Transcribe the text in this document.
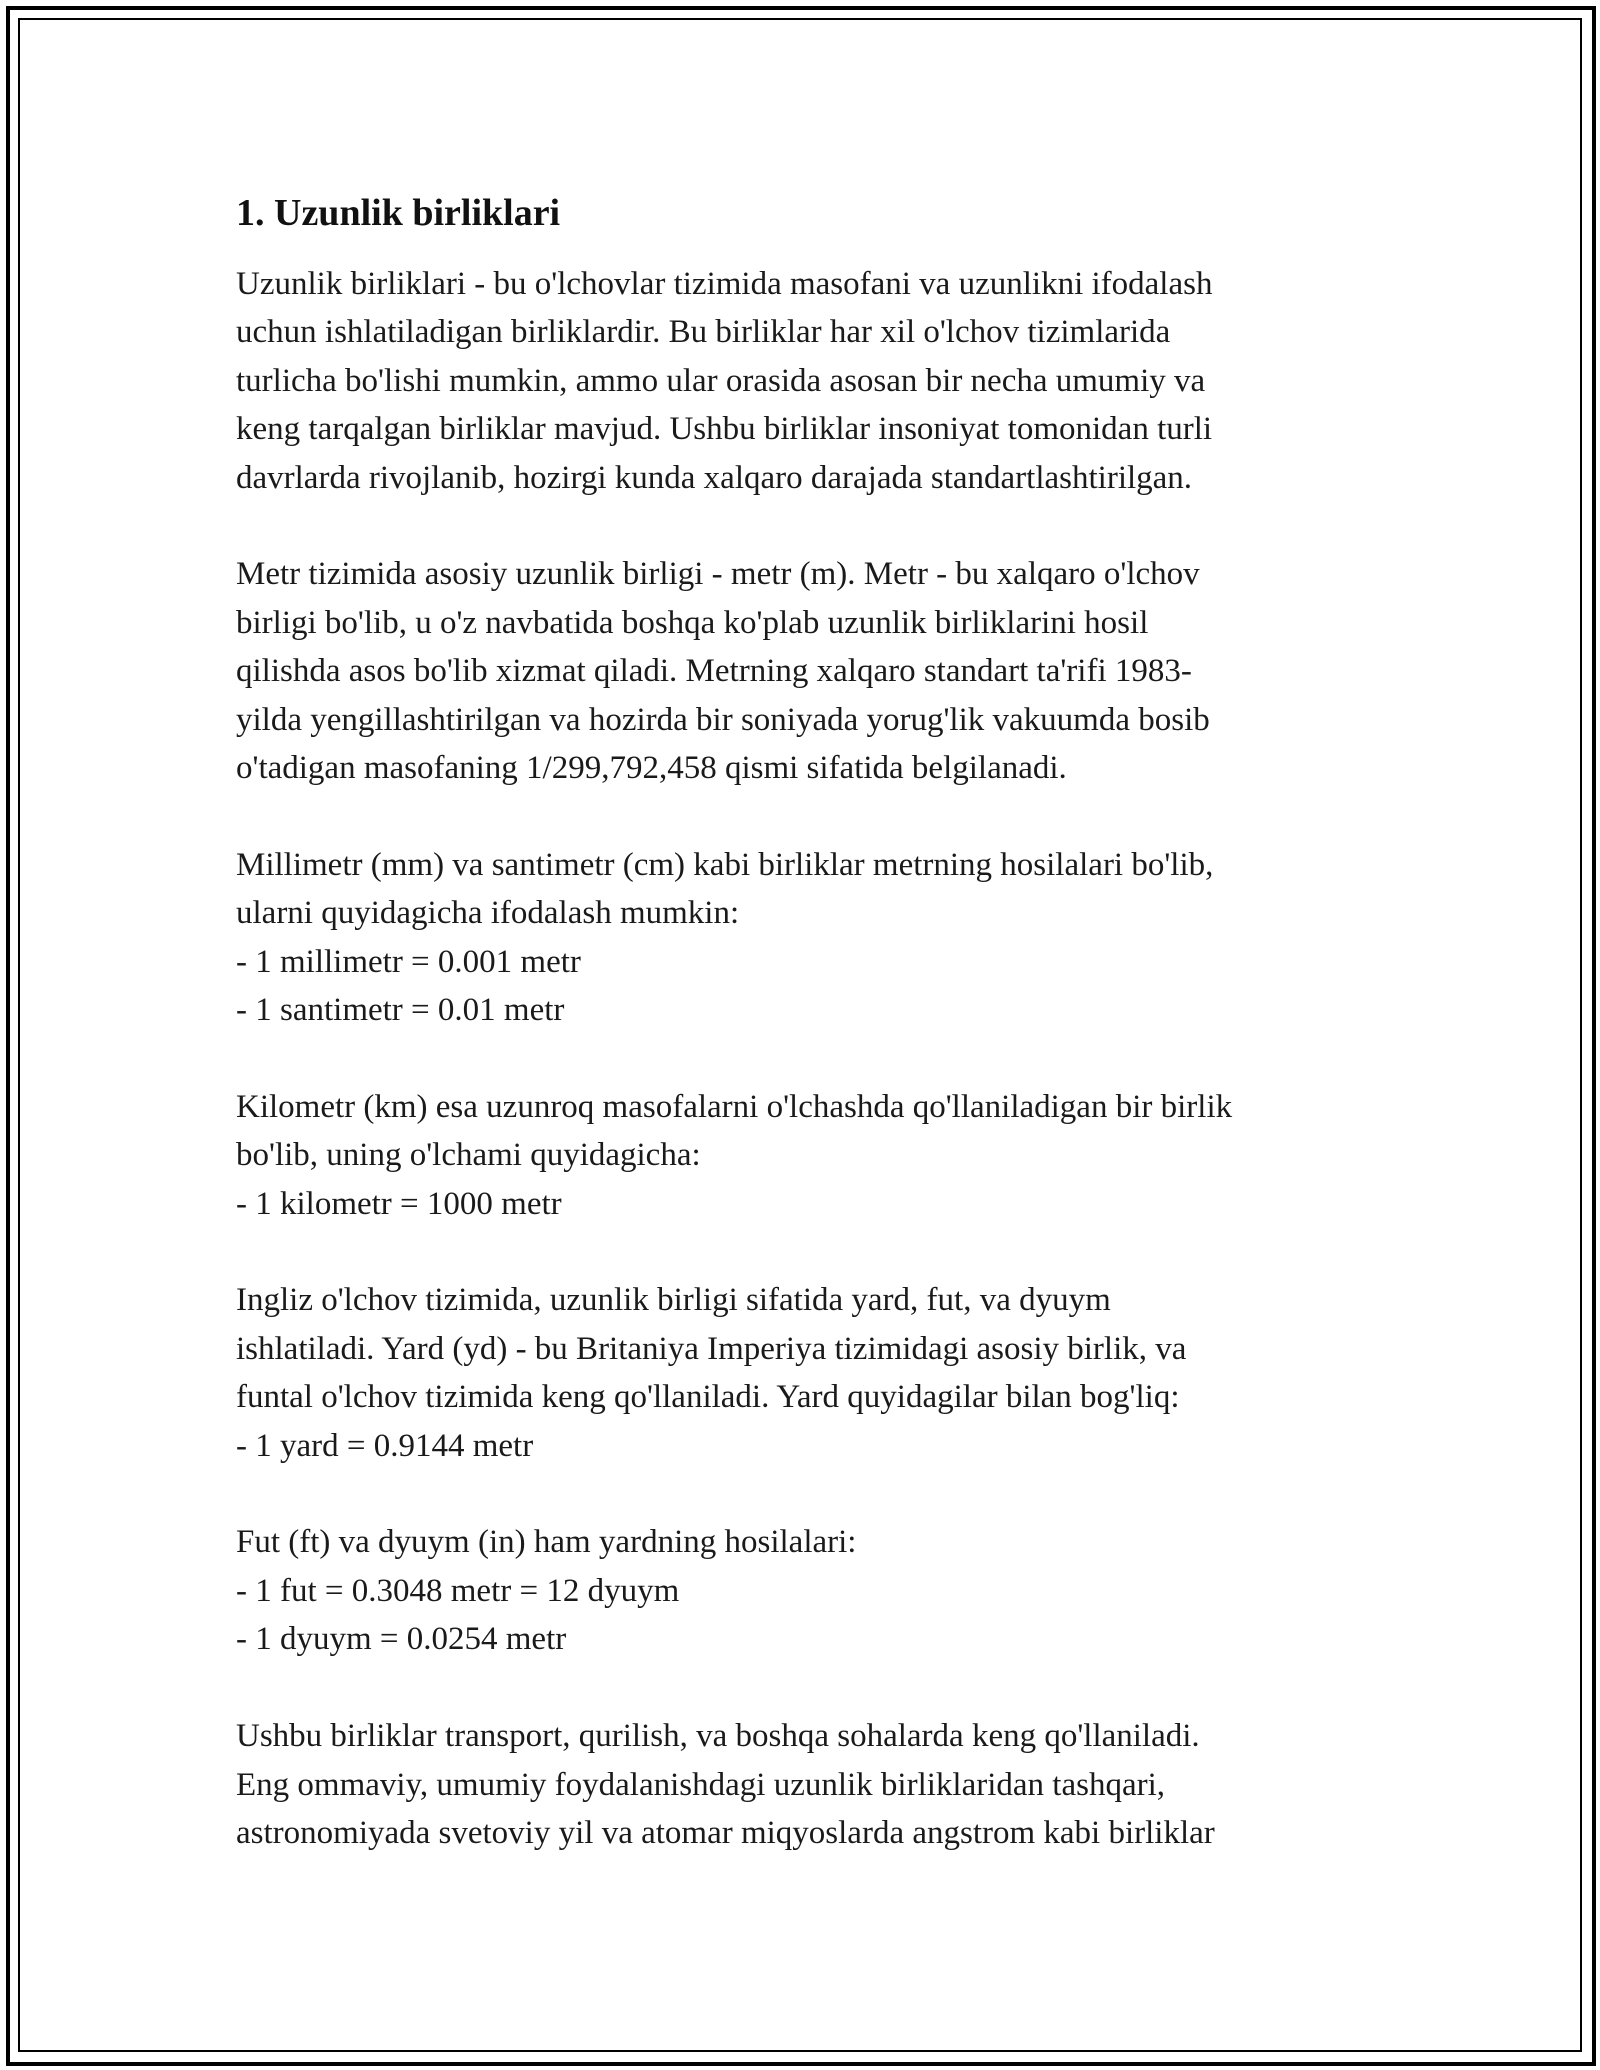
1. Uzunlik birliklari
Uzunlik birliklari - bu o'lchovlar tizimida masofani va uzunlikni ifodalash
uchun ishlatiladigan birliklardir. Bu birliklar har xil o'lchov tizimlarida
turlicha bo'lishi mumkin, ammo ular orasida asosan bir necha umumiy va
keng tarqalgan birliklar mavjud. Ushbu birliklar insoniyat tomonidan turli
davrlarda rivojlanib, hozirgi kunda xalqaro darajada standartlashtirilgan.
Metr tizimida asosiy uzunlik birligi - metr (m). Metr - bu xalqaro o'lchov
birligi bo'lib, u o'z navbatida boshqa ko'plab uzunlik birliklarini hosil
qilishda asos bo'lib xizmat qiladi. Metrning xalqaro standart ta'rifi 1983-
yilda yengillashtirilgan va hozirda bir soniyada yorug'lik vakuumda bosib
o'tadigan masofaning 1/299,792,458 qismi sifatida belgilanadi.
Millimetr (mm) va santimetr (cm) kabi birliklar metrning hosilalari bo'lib,
ularni quyidagicha ifodalash mumkin:
- 1 millimetr = 0.001 metr
- 1 santimetr = 0.01 metr
Kilometr (km) esa uzunroq masofalarni o'lchashda qo'llaniladigan bir birlik
bo'lib, uning o'lchami quyidagicha:
- 1 kilometr = 1000 metr
Ingliz o'lchov tizimida, uzunlik birligi sifatida yard, fut, va dyuym
ishlatiladi. Yard (yd) - bu Britaniya Imperiya tizimidagi asosiy birlik, va
funtal o'lchov tizimida keng qo'llaniladi. Yard quyidagilar bilan bog'liq:
- 1 yard = 0.9144 metr
Fut (ft) va dyuym (in) ham yardning hosilalari:
- 1 fut = 0.3048 metr = 12 dyuym
- 1 dyuym = 0.0254 metr
Ushbu birliklar transport, qurilish, va boshqa sohalarda keng qo'llaniladi.
Eng ommaviy, umumiy foydalanishdagi uzunlik birliklaridan tashqari,
astronomiyada svetoviy yil va atomar miqyoslarda angstrom kabi birliklar
